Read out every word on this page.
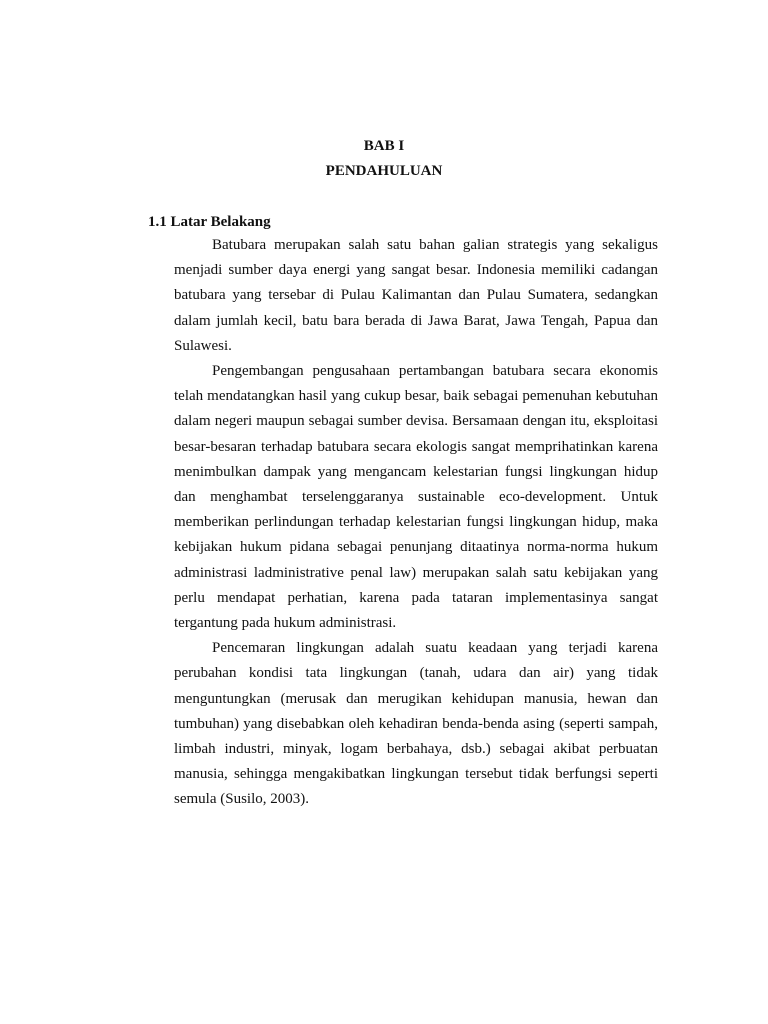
BAB I
PENDAHULUAN
1.1 Latar Belakang

Batubara merupakan salah satu bahan galian strategis yang sekaligus menjadi sumber daya energi yang sangat besar. Indonesia memiliki cadangan batubara yang tersebar di Pulau Kalimantan dan Pulau Sumatera, sedangkan dalam jumlah kecil, batu bara berada di Jawa Barat, Jawa Tengah, Papua dan Sulawesi.

Pengembangan pengusahaan pertambangan batubara secara ekonomis telah mendatangkan hasil yang cukup besar, baik sebagai pemenuhan kebutuhan dalam negeri maupun sebagai sumber devisa. Bersamaan dengan itu, eksploitasi besar-besaran terhadap batubara secara ekologis sangat memprihatinkan karena menimbulkan dampak yang mengancam kelestarian fungsi lingkungan hidup dan menghambat terselenggaranya sustainable eco-development. Untuk memberikan perlindungan terhadap kelestarian fungsi lingkungan hidup, maka kebijakan hukum pidana sebagai penunjang ditaatinya norma-norma hukum administrasi ladministrative penal law) merupakan salah satu kebijakan yang perlu mendapat perhatian, karena pada tataran implementasinya sangat tergantung pada hukum administrasi.

Pencemaran lingkungan adalah suatu keadaan yang terjadi karena perubahan kondisi tata lingkungan (tanah, udara dan air) yang tidak menguntungkan (merusak dan merugikan kehidupan manusia, hewan dan tumbuhan) yang disebabkan oleh kehadiran benda-benda asing (seperti sampah, limbah industri, minyak, logam berbahaya, dsb.) sebagai akibat perbuatan manusia, sehingga mengakibatkan lingkungan tersebut tidak berfungsi seperti semula (Susilo, 2003).
